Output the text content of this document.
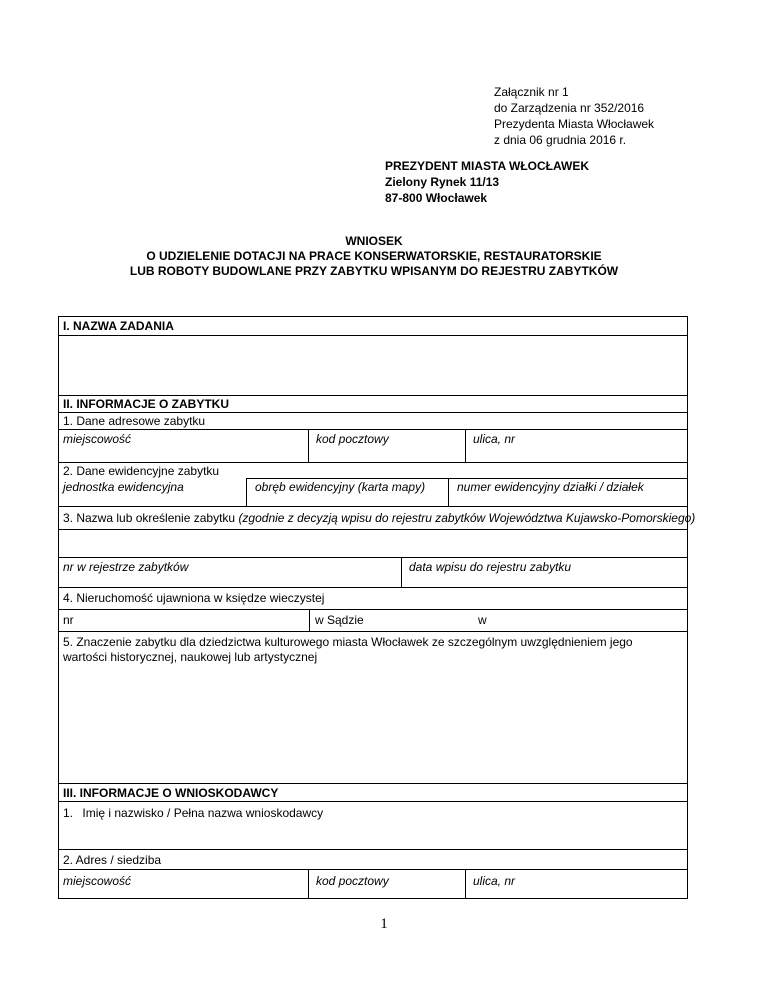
Załącznik nr 1
do Zarządzenia nr 352/2016
Prezydenta Miasta Włocławek
z dnia 06 grudnia 2016 r.
PREZYDENT MIASTA WŁOCŁAWEK
Zielony Rynek 11/13
87-800 Włocławek
WNIOSEK
O UDZIELENIE DOTACJI NA PRACE KONSERWATORSKIE, RESTAURATORSKIE
LUB ROBOTY BUDOWLANE PRZY ZABYTKU WPISANYM DO REJESTRU ZABYTKÓW
I. NAZWA ZADANIA
II. INFORMACJE O ZABYTKU
1. Dane adresowe zabytku
miejscowość	kod pocztowy	ulica, nr
2. Dane ewidencyjne zabytku
jednostka ewidencyjna	obręb ewidencyjny (karta mapy)	numer ewidencyjny działki / działek
3. Nazwa lub określenie zabytku (zgodnie z decyzją wpisu do rejestru zabytków Województwa Kujawsko-Pomorskiego)
nr w rejestrze zabytków	data wpisu do rejestru zabytku
4. Nieruchomość ujawniona w księdze wieczystej
nr	w Sądzie	w
5. Znaczenie zabytku dla dziedzictwa kulturowego miasta Włocławek ze szczególnym uwzględnieniem jego wartości historycznej, naukowej lub artystycznej
III. INFORMACJE O WNIOSKODAWCY
1. Imię i nazwisko / Pełna nazwa wnioskodawcy
2. Adres / siedziba
miejscowość	kod pocztowy	ulica, nr
1
